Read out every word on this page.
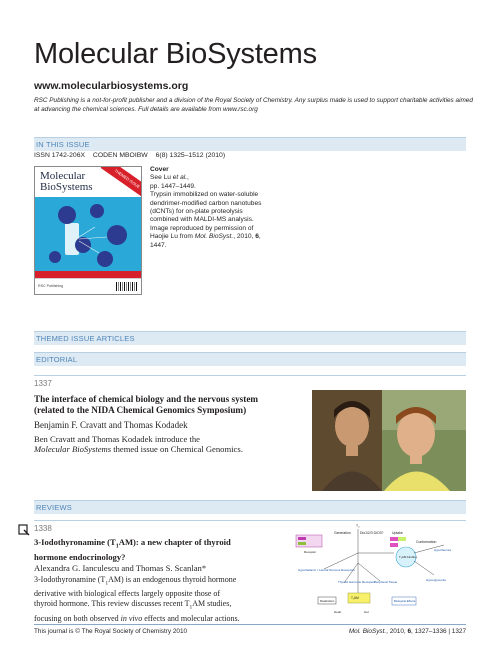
Molecular BioSystems
www.molecularbiosystems.org
RSC Publishing is a not-for-profit publisher and a division of the Royal Society of Chemistry. Any surplus made is used to support charitable activities aimed at advancing the chemical sciences. Full details are available from www.rsc.org
IN THIS ISSUE
ISSN 1742-206X CODEN MBOIBW 6(8) 1325–1512 (2010)
Molecular
BioSystems	THEMED ISSUE
RSC Publishing
Cover
See Lu et al.,
pp. 1447–1449.
Trypsin immobilized on water-soluble dendrimer-modified carbon nanotubes (dCNTs) for on-plate proteolysis combined with MALDI-MS analysis.
Image reproduced by permission of Haojie Lu from Mol. BioSyst., 2010, 6, 1447.
THEMED ISSUE ARTICLES
EDITORIAL
1337
The interface of chemical biology and the nervous system
(related to the NIDA Chemical Genomics Symposium)
Benjamin F. Cravatt and Thomas Kodadek
Ben Cravatt and Thomas Kodadek introduce the
Molecular BioSystems themed issue on Chemical Genomics.
REVIEWS
1338
3-Iodothyronamine $(T_1AM)$: a new chapter of thyroid
hormone endocrinology?
Alexandra G. Ianculescu and Thomas S. Scanlan*
3-Iodothyronamine $(T_1AM)$ is an endogenous thyroid hormone
derivative with biological effects largely opposite those of
thyroid hormone. This review discusses recent $T_1AM$ studies,
focusing on both observed in vivo effects and molecular actions.
T₄
Generation	Dio1/2/3 DIO3?	Uptake
Conformation
Receptor
T₁AM binding
Hypothalamic / Central Nervous Receptors
Thyroid Hormone Receptors
Peripheral Tissue	Hyperglycemia
Hypothermia
T₁AM
Metabolism	Biological Effects
Heart	Gut
This journal is © The Royal Society of Chemistry 2010	Mol. BioSyst., 2010, 6, 1327–1336 | 1327
